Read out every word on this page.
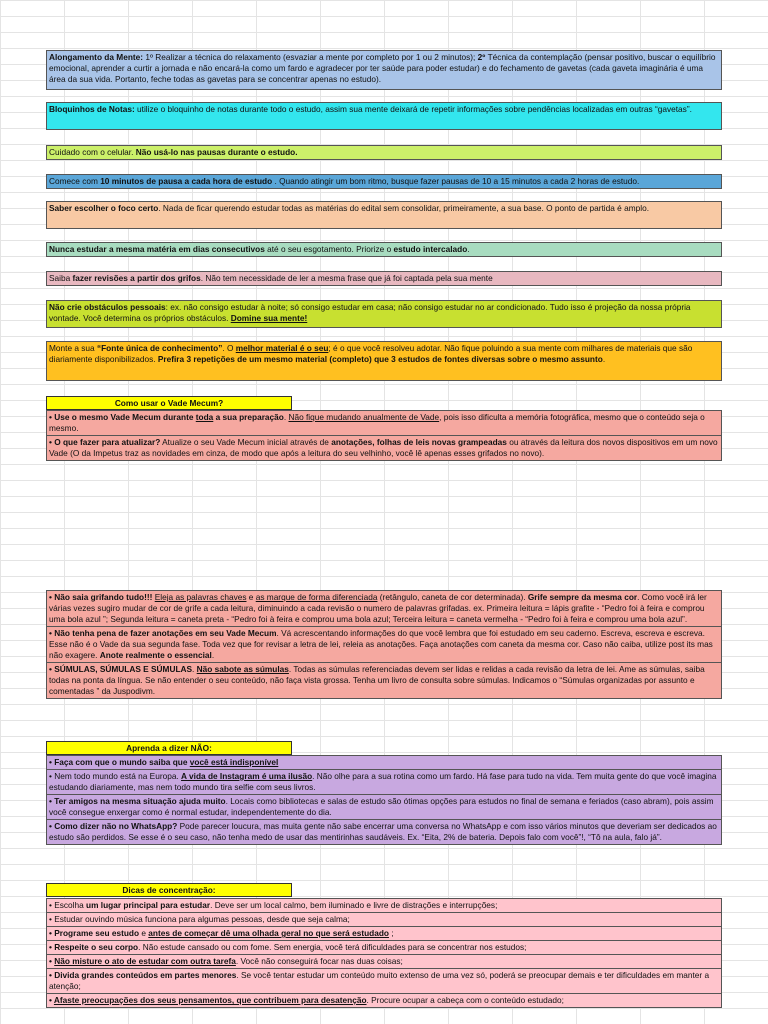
Alongamento da Mente: 1º Realizar a técnica do relaxamento (esvaziar a mente por completo por 1 ou 2 minutos); 2º Técnica da contemplação (pensar positivo, buscar o equilíbrio emocional, aprender a curtir a jornada e não encará-la como um fardo e agradecer por ter saúde para poder estudar) e do fechamento de gavetas (cada gaveta imaginária é uma área da sua vida. Portanto, feche todas as gavetas para se concentrar apenas no estudo).

Bloquinhos de Notas: utilize o bloquinho de notas durante todo o estudo, assim sua mente deixará de repetir informações sobre pendências localizadas em outras “gavetas”.

Cuidado com o celular. Não usá-lo nas pausas durante o estudo.

Comece com 10 minutos de pausa a cada hora de estudo . Quando atingir um bom ritmo, busque fazer pausas de 10 a 15 minutos a cada 2 horas de estudo.

Saber escolher o foco certo. Nada de ficar querendo estudar todas as matérias do edital sem consolidar, primeiramente, a sua base. O ponto de partida é amplo.

Nunca estudar a mesma matéria em dias consecutivos até o seu esgotamento. Priorize o estudo intercalado.

Saiba fazer revisões a partir dos grifos. Não tem necessidade de ler a mesma frase que já foi captada pela sua mente

Não crie obstáculos pessoais: ex. não consigo estudar à noite; só consigo estudar em casa; não consigo estudar no ar condicionado. Tudo isso é projeção da nossa própria vontade. Você determina os próprios obstáculos. Domine sua mente!

Monte a sua “Fonte única de conhecimento”. O melhor material é o seu; é o que você resolveu adotar. Não fique poluindo a sua mente com milhares de materiais que são diariamente disponibilizados. Prefira 3 repetições de um mesmo material (completo) que 3 estudos de fontes diversas sobre o mesmo assunto.

Como usar o Vade Mecum?
• Use o mesmo Vade Mecum durante toda a sua preparação. Não fique mudando anualmente de Vade, pois isso dificulta a memória fotográfica, mesmo que o conteúdo seja o mesmo.
• O que fazer para atualizar? Atualize o seu Vade Mecum inicial através de anotações, folhas de leis novas grampeadas ou através da leitura dos novos dispositivos em um novo Vade (O da Impetus traz as novidades em cinza, de modo que após a leitura do seu velhinho, você lê apenas esses grifados no novo).
• Não saia grifando tudo!!! Eleja as palavras chaves e as marque de forma diferenciada (retângulo, caneta de cor determinada). Grife sempre da mesma cor. Como você irá ler várias vezes sugiro mudar de cor de grife a cada leitura, diminuindo a cada revisão o numero de palavras grifadas. ex. Primeira leitura = lápis grafite - “Pedro foi à feira e comprou uma bola azul ”; Segunda leitura = caneta preta - “Pedro foi à feira e comprou uma bola azul; Terceira leitura = caneta vermelha - “Pedro foi à feira e comprou uma bola azul”.
• Não tenha pena de fazer anotações em seu Vade Mecum. Vá acrescentando informações do que você lembra que foi estudado em seu caderno. Escreva, escreva e escreva. Esse não é o Vade da sua segunda fase. Toda vez que for revisar a letra de lei, releia as anotações. Faça anotações com caneta da mesma cor. Caso não caiba, utilize post its mas não exagere. Anote realmente o essencial.
• SÚMULAS, SÚMULAS E SÚMULAS. Não sabote as súmulas. Todas as súmulas referenciadas devem ser lidas e relidas a cada revisão da letra de lei. Ame as súmulas, saiba todas na ponta da língua. Se não entender o seu conteúdo, não faça vista grossa. Tenha um livro de consulta sobre súmulas. Indicamos o “Súmulas organizadas por assunto e comentadas ” da Juspodivm.
Aprenda a dizer NÃO:
• Faça com que o mundo saiba que você está indisponível
• Nem todo mundo está na Europa. A vida de Instagram é uma ilusão. Não olhe para a sua rotina como um fardo. Há fase para tudo na vida. Tem muita gente do que você imagina estudando diariamente, mas nem todo mundo tira selfie com seus livros.
• Ter amigos na mesma situação ajuda muito. Locais como bibliotecas e salas de estudo são ótimas opções para estudos no final de semana e feriados (caso abram), pois assim você consegue enxergar como é normal estudar, independentemente do dia.
• Como dizer não no WhatsApp? Pode parecer loucura, mas muita gente não sabe encerrar uma conversa no WhatsApp e com isso vários minutos que deveriam ser dedicados ao estudo são perdidos. Se esse é o seu caso, não tenha medo de usar das mentirinhas saudáveis. Ex. “Eita, 2% de bateria. Depois falo com você”!, “Tô na aula, falo já”.
Dicas de concentração:
• Escolha um lugar principal para estudar. Deve ser um local calmo, bem iluminado e livre de distrações e interrupções;
• Estudar ouvindo música funciona para algumas pessoas, desde que seja calma;
• Programe seu estudo e antes de começar dê uma olhada geral no que será estudado ;
• Respeite o seu corpo. Não estude cansado ou com fome. Sem energia, você terá dificuldades para se concentrar nos estudos;
• Não misture o ato de estudar com outra tarefa. Você não conseguirá focar nas duas coisas;
• Divida grandes conteúdos em partes menores. Se você tentar estudar um conteúdo muito extenso de uma vez só, poderá se preocupar demais e ter dificuldades em manter a atenção;
• Afaste preocupações dos seus pensamentos, que contribuem para desatenção. Procure ocupar a cabeça com o conteúdo estudado;
